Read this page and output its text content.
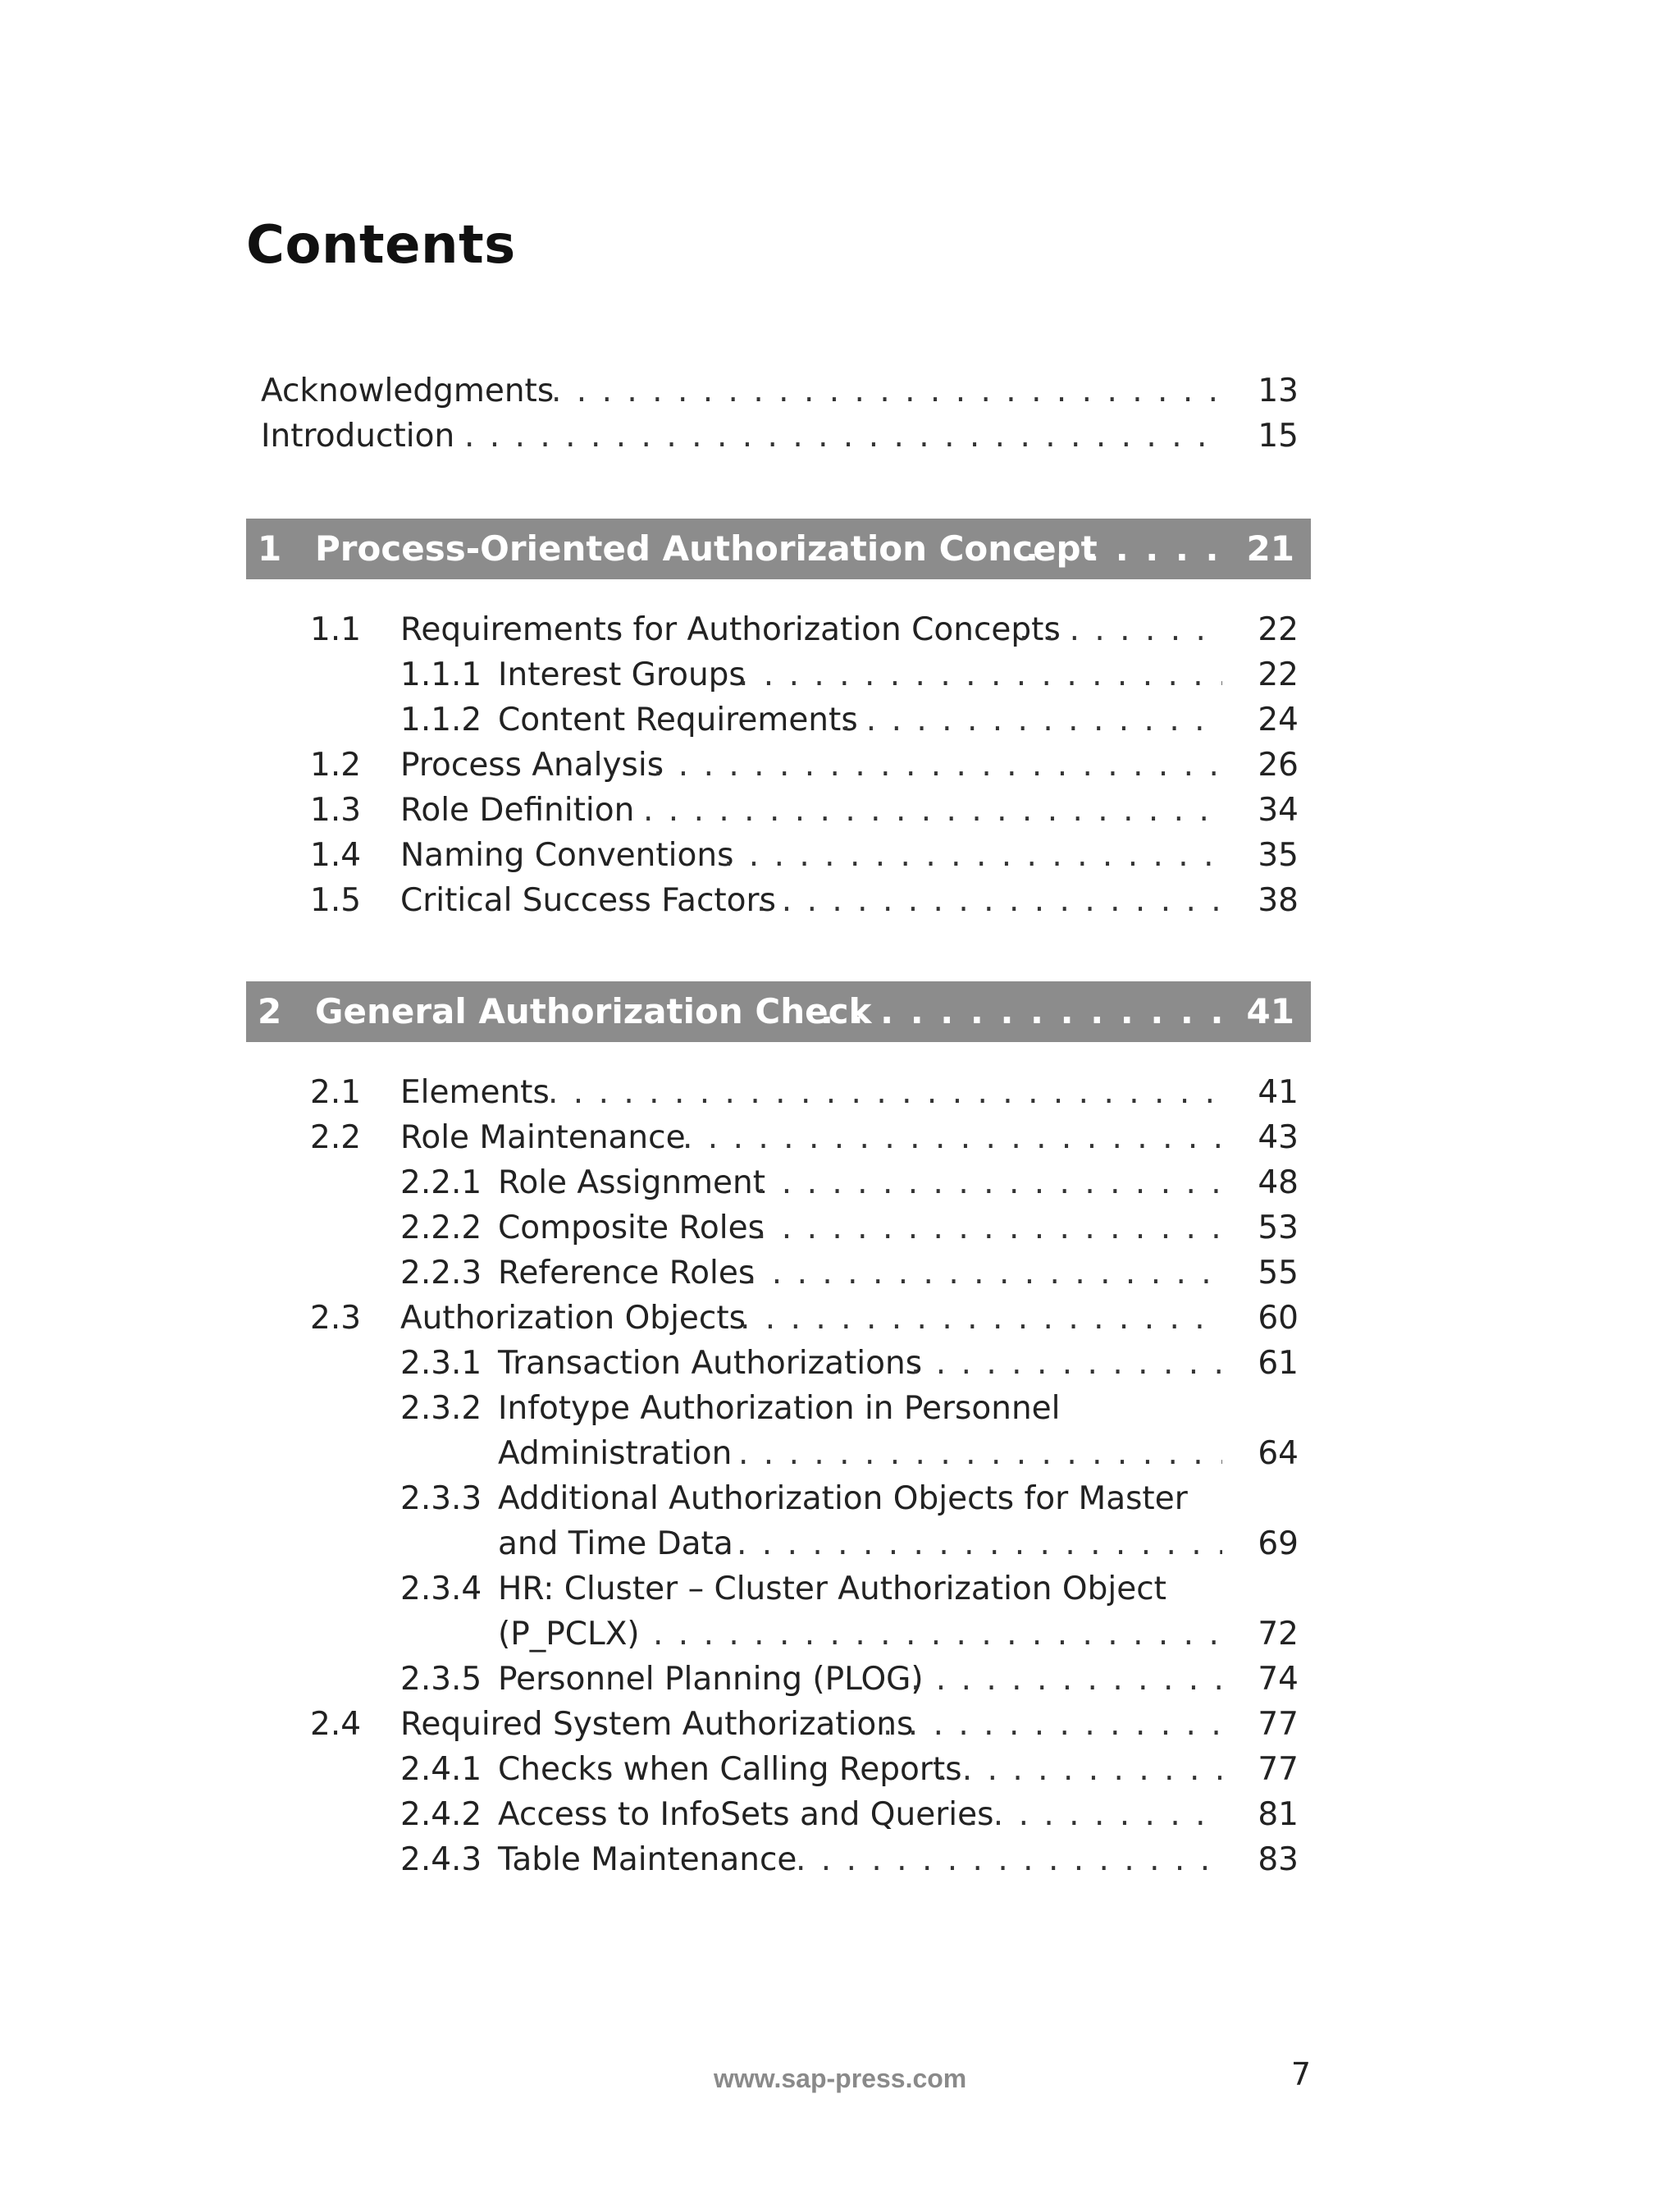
Contents
Acknowledgments . . .	13
Introduction . . .	15
1 Process-Oriented Authorization Concept . . .	21
1.1 Requirements for Authorization Concepts . . .	22
1.1.1 Interest Groups . . .	22
1.1.2 Content Requirements . . .	24
1.2 Process Analysis . . .	26
1.3 Role Definition . . .	34
1.4 Naming Conventions . . .	35
1.5 Critical Success Factors . . .	38
2 General Authorization Check . . .	41
2.1 Elements . . .	41
2.2 Role Maintenance . . .	43
2.2.1 Role Assignment . . .	48
2.2.2 Composite Roles . . .	53
2.2.3 Reference Roles . . .	55
2.3 Authorization Objects . . .	60
2.3.1 Transaction Authorizations . . .	61
2.3.2 Infotype Authorization in Personnel
Administration . . .	64
2.3.3 Additional Authorization Objects for Master
and Time Data . . .	69
2.3.4 HR: Cluster – Cluster Authorization Object
(P_PCLX) . . .	72
2.3.5 Personnel Planning (PLOG) . . .	74
2.4 Required System Authorizations . . .	77
2.4.1 Checks when Calling Reports . . .	77
2.4.2 Access to InfoSets and Queries . . .	81
2.4.3 Table Maintenance . . .	83
www.sap-press.com	7
